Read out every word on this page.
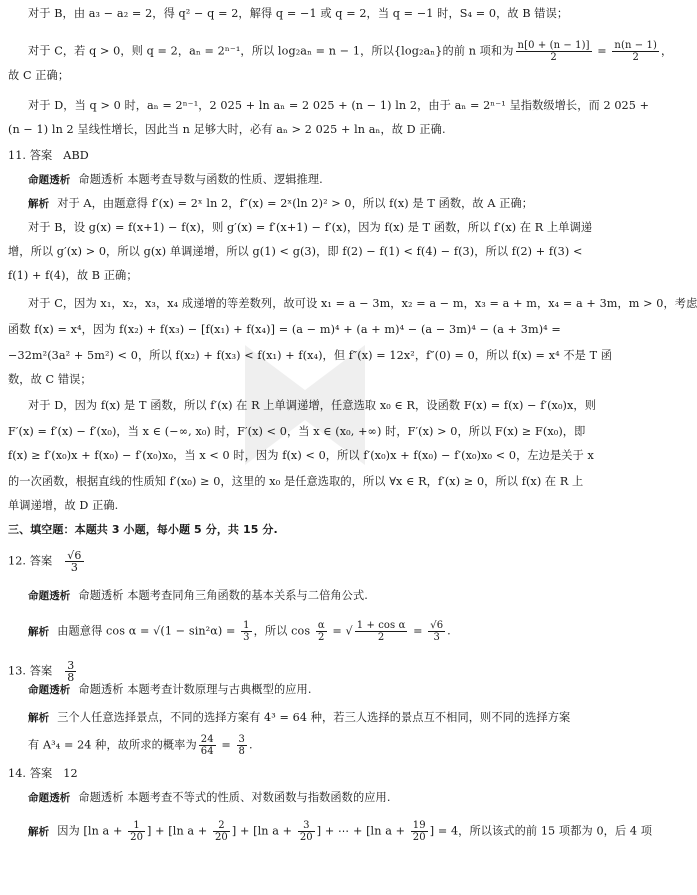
对于 B，由 a₃ − a₂ = 2，得 q² − q = 2，解得 q = −1 或 q = 2，当 q = −1 时，S₄ = 0，故 B 错误；
对于 C，若 q > 0，则 q = 2，aₙ = 2ⁿ⁻¹，所以 log₂aₙ = n − 1，所以{log₂aₙ}的前 n 项和为 $\frac{n[0 + (n - 1)]}{2} = \frac{n(n - 1)}{2}$ ，
故 C 正确；
对于 D，当 q > 0 时，aₙ = 2ⁿ⁻¹，2 025 + ln aₙ = 2 025 + (n − 1) ln 2，由于 aₙ = 2ⁿ⁻¹ 呈指数级增长，而 2 025 +
(n − 1) ln 2 呈线性增长，因此当 n 足够大时，必有 aₙ > 2 025 + ln aₙ，故 D 正确.
11. 答案 ABD
命题透析 命题透析 本题考查导数与函数的性质、逻辑推理.
解析 对于 A，由题意得 f′(x) = 2ˣ ln 2，f″(x) = 2ˣ(ln 2)² > 0，所以 f(x) 是 T 函数，故 A 正确；
对于 B，设 g(x) = f(x+1) − f(x)，则 g′(x) = f′(x+1) − f′(x)，因为 f(x) 是 T 函数，所以 f′(x) 在 R 上单调递
增，所以 g′(x) > 0，所以 g(x) 单调递增，所以 g(1) < g(3)，即 f(2) − f(1) < f(4) − f(3)，所以 f(2) + f(3) <
f(1) + f(4)，故 B 正确；
对于 C，因为 x₁，x₂，x₃，x₄ 成递增的等差数列，故可设 x₁ = a − 3m，x₂ = a − m，x₃ = a + m，x₄ = a + 3m，m > 0，考虑
函数 f(x) = x⁴，因为 f(x₂) + f(x₃) − [f(x₁) + f(x₄)] = (a − m)⁴ + (a + m)⁴ − (a − 3m)⁴ − (a + 3m)⁴ =
−32m²(3a² + 5m²) < 0，所以 f(x₂) + f(x₃) < f(x₁) + f(x₄)，但 f″(x) = 12x²，f″(0) = 0，所以 f(x) = x⁴ 不是 T 函
数，故 C 错误；
对于 D，因为 f(x) 是 T 函数，所以 f′(x) 在 R 上单调递增，任意选取 x₀ ∈ R，设函数 F(x) = f(x) − f′(x₀)x，则
F′(x) = f′(x) − f′(x₀)，当 x ∈ (−∞, x₀) 时，F′(x) < 0，当 x ∈ (x₀, +∞) 时，F′(x) > 0，所以 F(x) ≥ F(x₀)，即
f(x) ≥ f′(x₀)x + f(x₀) − f′(x₀)x₀，当 x < 0 时，因为 f(x) < 0，所以 f′(x₀)x + f(x₀) − f′(x₀)x₀ < 0，左边是关于 x
的一次函数，根据直线的性质知 f′(x₀) ≥ 0，这里的 x₀ 是任意选取的，所以 ∀x ∈ R，f′(x) ≥ 0，所以 f(x) 在 R 上
单调递增，故 D 正确.
三、填空题：本题共 3 小题，每小题 5 分，共 15 分.
12. 答案 $\frac{√6}{3}$
命题透析 命题透析 本题考查同角三角函数的基本关系与二倍角公式.
解析 由题意得 $\cos \alpha = √(1 - \sin^2\alpha) = \frac{1}{3}$ ，所以 $\cos \frac{\alpha}{2}$ = √ $\frac{\text{1 + cos α}}{2} = \frac{√6}{3}$ .
13. 答案 $\frac{3}{8}$
命题透析 命题透析 本题考查计数原理与古典概型的应用.
解析 三个人任意选择景点，不同的选择方案有 4³ = 64 种，若三人选择的景点互不相同，则不同的选择方案
有 A³₄ = 24 种，故所求的概率为 $\frac{24}{64} = \frac{3}{8}$ .
14. 答案 12
命题透析 命题透析 本题考查不等式的性质、对数函数与指数函数的应用.
解析 因为 [ln $a + \frac{1}{20}$ ] + [ln $a + \frac{2}{20}$ ] + [ln $a + \frac{3}{20}$ ] + ⋯ + [ln $a + \frac{19}{20}$ ] = 4，所以该式的前 15 项都为 0，后 4 项
